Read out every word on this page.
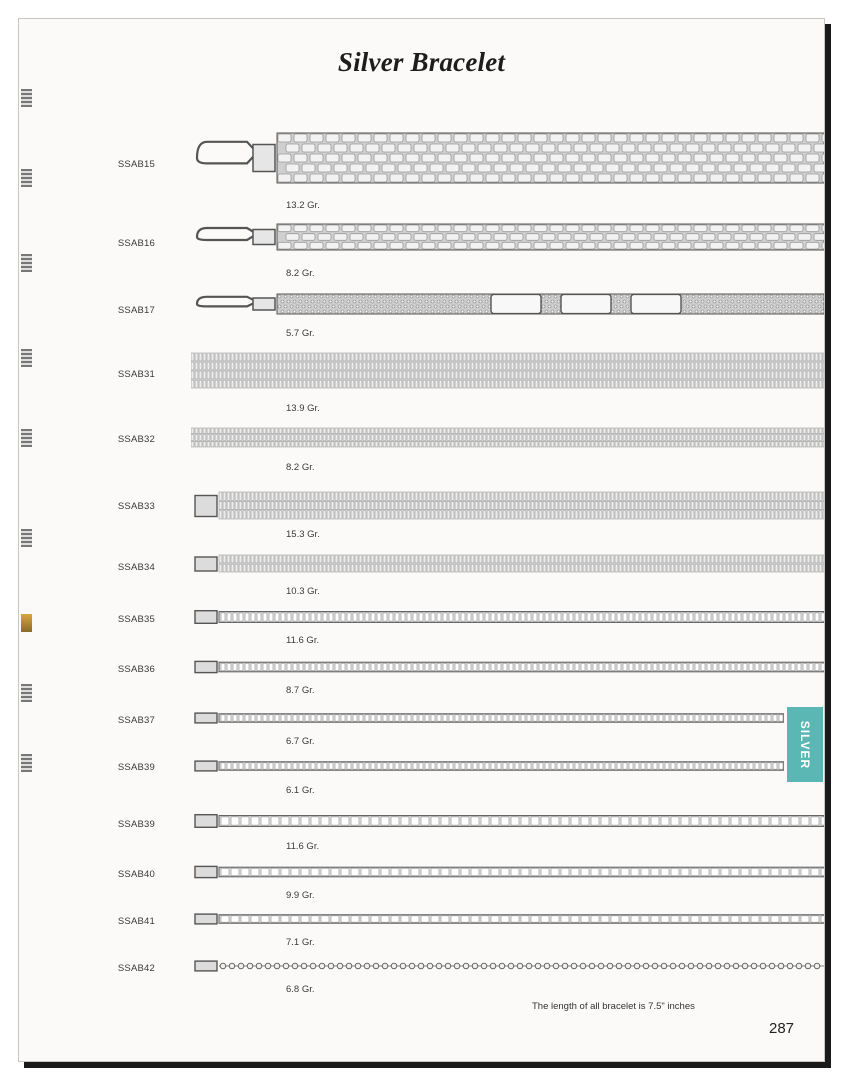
Silver Bracelet
SSAB15
13.2 Gr.
SSAB16
8.2 Gr.
SSAB17
5.7 Gr.
SSAB31
13.9 Gr.
SSAB32
8.2 Gr.
SSAB33
15.3 Gr.
SSAB34
10.3 Gr.
SSAB35
11.6 Gr.
SSAB36
8.7 Gr.
SSAB37
6.7 Gr.
SSAB39
6.1 Gr.
SSAB39
11.6 Gr.
SSAB40
9.9 Gr.
SSAB41
7.1 Gr.
SSAB42
6.8 Gr.
SILVER
The length of all bracelet is 7.5" inches
287
